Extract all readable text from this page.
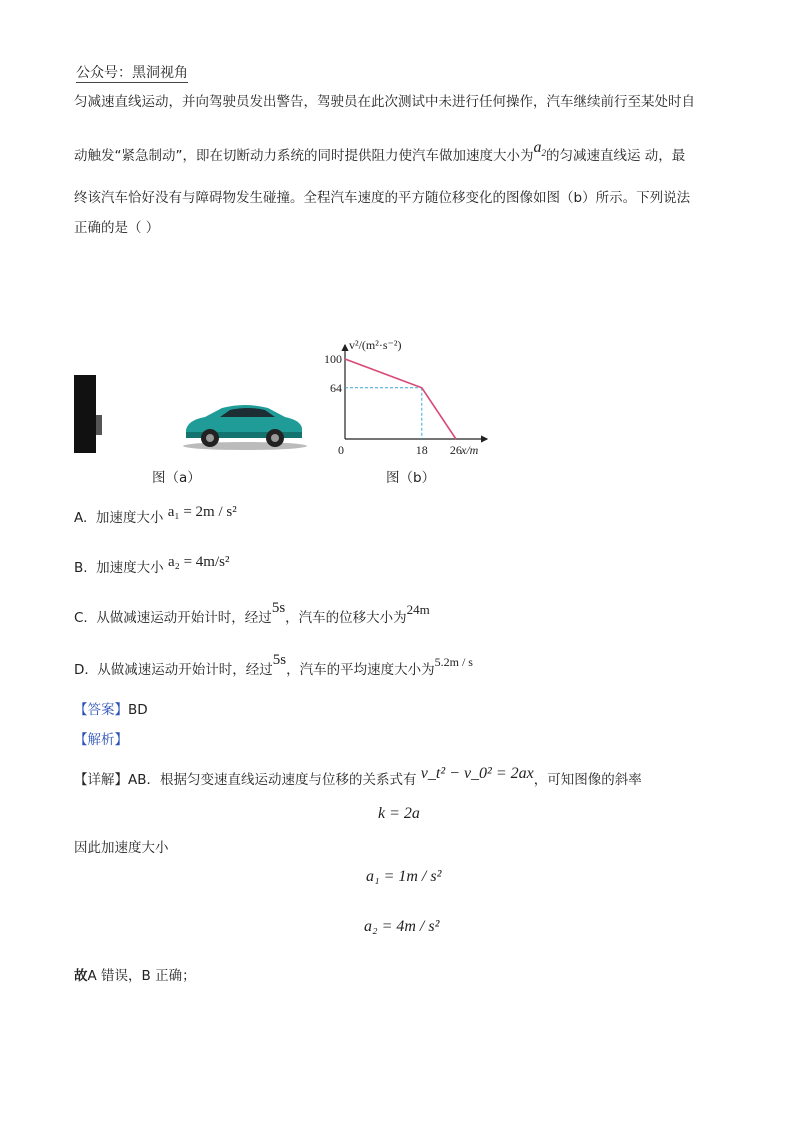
公众号：黑洞视角
匀减速直线运动，并向驾驶员发出警告，驾驶员在此次测试中未进行任何操作，汽车继续前行至某处时自
动触发“紧急制动”，即在切断动力系统的同时提供阻力使汽车做加速度大小为$a_2$的匀减速直线运 动，最
终该汽车恰好没有与障碍物发生碰撞。全程汽车速度的平方随位移变化的图像如图（b）所示。下列说法
正确的是（ ）
图（a）
100
64
18 26
v²/(m²·s⁻²)
x/m
0
图（b）
A. 加速度大小 a₁ = 2m / s²
B. 加速度大小 a₂ = 4m/s²
C. 从做减速运动开始计时，经过5s，汽车的位移大小为24m
D. 从做减速运动开始计时，经过5s，汽车的平均速度大小为5.2m / s
【答案】BD
【解析】
【详解】AB．根据匀变速直线运动速度与位移的关系式有 v_t² − v_0² = 2ax，可知图像的斜率
k = 2a
因此加速度大小
a₁ = 1m / s²
a₂ = 4m / s²
故A 错误，B 正确；
